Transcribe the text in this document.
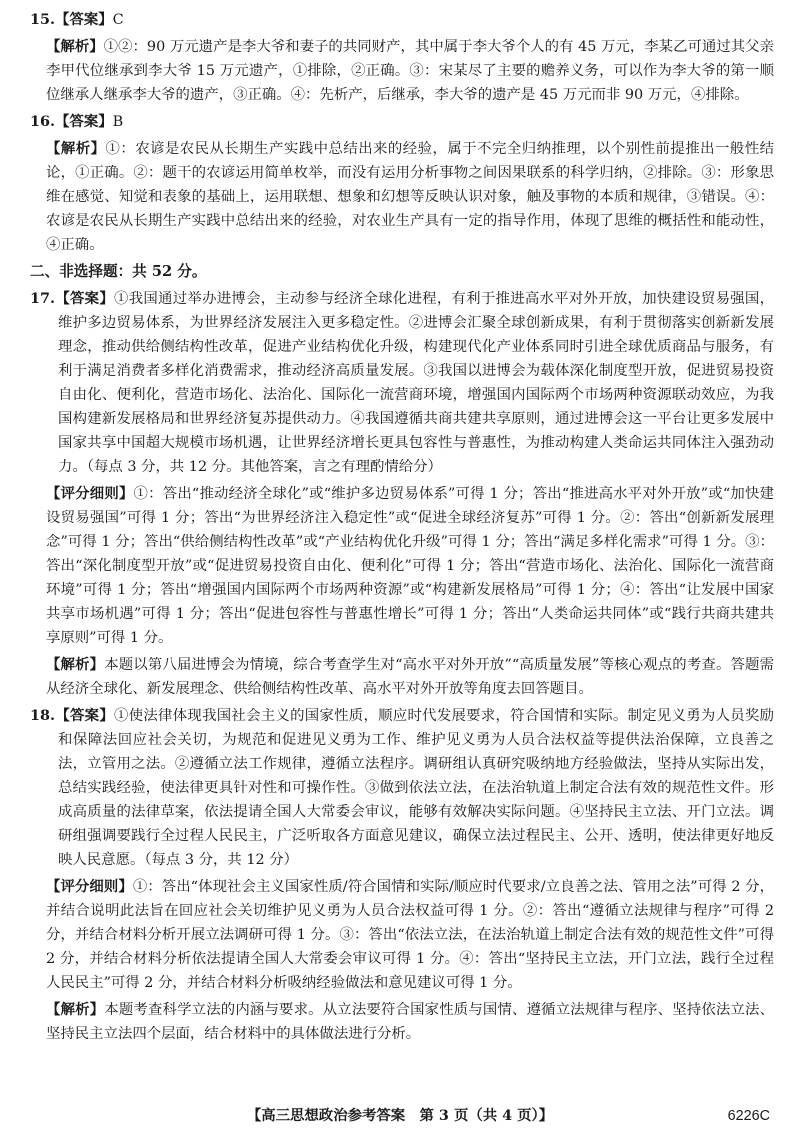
15.【答案】C
【解析】①②：90 万元遗产是李大爷和妻子的共同财产，其中属于李大爷个人的有 45 万元，李某乙可通过其父亲李甲代位继承到李大爷 15 万元遗产，①排除，②正确。③：宋某尽了主要的赡养义务，可以作为李大爷的第一顺位继承人继承李大爷的遗产，③正确。④：先析产，后继承，李大爷的遗产是 45 万元而非 90 万元，④排除。
16.【答案】B
【解析】①：农谚是农民从长期生产实践中总结出来的经验，属于不完全归纳推理，以个别性前提推出一般性结论，①正确。②：题干的农谚运用简单枚举，而没有运用分析事物之间因果联系的科学归纳，②排除。③：形象思维在感觉、知觉和表象的基础上，运用联想、想象和幻想等反映认识对象，触及事物的本质和规律，③错误。④：农谚是农民从长期生产实践中总结出来的经验，对农业生产具有一定的指导作用，体现了思维的概括性和能动性，④正确。
二、非选择题：共 52 分。
17.【答案】①我国通过举办进博会，主动参与经济全球化进程，有利于推进高水平对外开放，加快建设贸易强国，维护多边贸易体系，为世界经济发展注入更多稳定性。②进博会汇聚全球创新成果，有利于贯彻落实创新新发展理念，推动供给侧结构性改革，促进产业结构优化升级，构建现代化产业体系同时引进全球优质商品与服务，有利于满足消费者多样化消费需求，推动经济高质量发展。③我国以进博会为载体深化制度型开放，促进贸易投资自由化、便利化，营造市场化、法治化、国际化一流营商环境，增强国内国际两个市场两种资源联动效应，为我国构建新发展格局和世界经济复苏提供动力。④我国遵循共商共建共享原则，通过进博会这一平台让更多发展中国家共享中国超大规模市场机遇，让世界经济增长更具包容性与普惠性，为推动构建人类命运共同体注入强劲动力。（每点 3 分，共 12 分。其他答案，言之有理酌情给分）
【评分细则】①：答出“推动经济全球化”或“维护多边贸易体系”可得 1 分；答出“推进高水平对外开放”或“加快建设贸易强国”可得 1 分；答出“为世界经济注入稳定性”或“促进全球经济复苏”可得 1 分。②：答出“创新新发展理念”可得 1 分；答出“供给侧结构性改革”或“产业结构优化升级”可得 1 分；答出“满足多样化需求”可得 1 分。③：答出“深化制度型开放”或“促进贸易投资自由化、便利化”可得 1 分；答出“营造市场化、法治化、国际化一流营商环境”可得 1 分；答出“增强国内国际两个市场两种资源”或“构建新发展格局”可得 1 分；④：答出“让发展中国家共享市场机遇”可得 1 分；答出“促进包容性与普惠性增长”可得 1 分；答出“人类命运共同体”或“践行共商共建共享原则”可得 1 分。
【解析】本题以第八届进博会为情境，综合考查学生对“高水平对外开放”“高质量发展”等核心观点的考查。答题需从经济全球化、新发展理念、供给侧结构性改革、高水平对外开放等角度去回答题目。
18.【答案】①使法律体现我国社会主义的国家性质，顺应时代发展要求，符合国情和实际。制定见义勇为人员奖励和保障法回应社会关切，为规范和促进见义勇为工作、维护见义勇为人员合法权益等提供法治保障，立良善之法，立管用之法。②遵循立法工作规律，遵循立法程序。调研组认真研究吸纳地方经验做法，坚持从实际出发，总结实践经验，使法律更具针对性和可操作性。③做到依法立法，在法治轨道上制定合法有效的规范性文件。形成高质量的法律草案，依法提请全国人大常委会审议，能够有效解决实际问题。④坚持民主立法、开门立法。调研组强调要践行全过程人民民主，广泛听取各方面意见建议，确保立法过程民主、公开、透明，使法律更好地反映人民意愿。（每点 3 分，共 12 分）
【评分细则】①：答出“体现社会主义国家性质/符合国情和实际/顺应时代要求/立良善之法、管用之法”可得 2 分，并结合说明此法旨在回应社会关切维护见义勇为人员合法权益可得 1 分。②：答出“遵循立法规律与程序”可得 2 分，并结合材料分析开展立法调研可得 1 分。③：答出“依法立法，在法治轨道上制定合法有效的规范性文件”可得 2 分，并结合材料分析依法提请全国人大常委会审议可得 1 分。④：答出“坚持民主立法，开门立法，践行全过程人民民主”可得 2 分，并结合材料分析吸纳经验做法和意见建议可得 1 分。
【解析】本题考查科学立法的内涵与要求。从立法要符合国家性质与国情、遵循立法规律与程序、坚持依法立法、坚持民主立法四个层面，结合材料中的具体做法进行分析。
【高三思想政治参考答案　第 3 页（共 4 页）】	6226C
